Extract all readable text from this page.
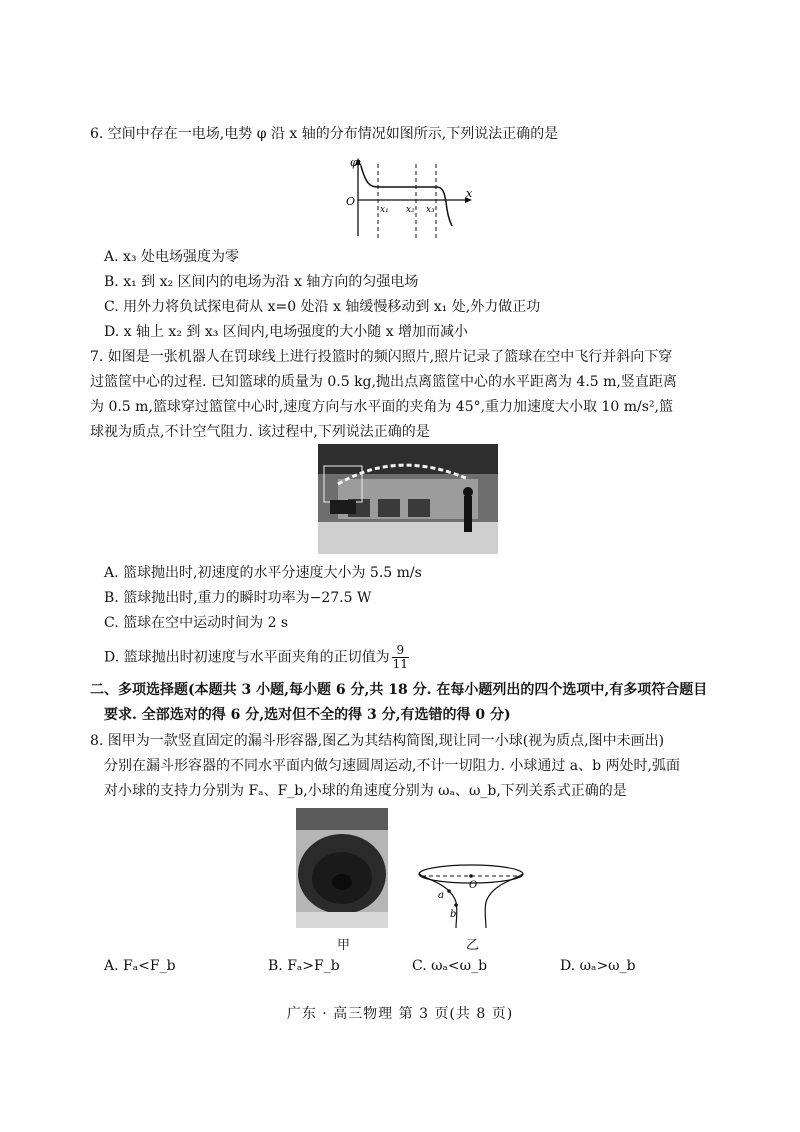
6. 空间中存在一电场,电势 φ 沿 x 轴的分布情况如图所示,下列说法正确的是
φ
O
x
x₁ x₂ x₃
A. x₃ 处电场强度为零
B. x₁ 到 x₂ 区间内的电场为沿 x 轴方向的匀强电场
C. 用外力将负试探电荷从 x=0 处沿 x 轴缓慢移动到 x₁ 处,外力做正功
D. x 轴上 x₂ 到 x₃ 区间内,电场强度的大小随 x 增加而减小
7. 如图是一张机器人在罚球线上进行投篮时的频闪照片,照片记录了篮球在空中飞行并斜向下穿
过篮筐中心的过程. 已知篮球的质量为 0.5 kg,抛出点离篮筐中心的水平距离为 4.5 m,竖直距离
为 0.5 m,篮球穿过篮筐中心时,速度方向与水平面的夹角为 45°,重力加速度大小取 10 m/s²,篮
球视为质点,不计空气阻力. 该过程中,下列说法正确的是
A. 篮球抛出时,初速度的水平分速度大小为 5.5 m/s
B. 篮球抛出时,重力的瞬时功率为−27.5 W
C. 篮球在空中运动时间为 2 s
D. 篮球抛出时初速度与水平面夹角的正切值为 $\frac{9}{11}$
二、多项选择题(本题共 3 小题,每小题 6 分,共 18 分. 在每小题列出的四个选项中,有多项符合题目
要求. 全部选对的得 6 分,选对但不全的得 3 分,有选错的得 0 分)
8. 图甲为一款竖直固定的漏斗形容器,图乙为其结构简图,现让同一小球(视为质点,图中未画出)
分别在漏斗形容器的不同水平面内做匀速圆周运动,不计一切阻力. 小球通过 a、b 两处时,弧面
对小球的支持力分别为 Fₐ、F_b,小球的角速度分别为 ωₐ、ω_b,下列关系式正确的是
甲
O
a
b
乙
A. Fₐ<F_b	B. Fₐ>F_b	C. ωₐ<ω_b	D. ωₐ>ω_b
广东 · 高三物理 第 3 页(共 8 页)
